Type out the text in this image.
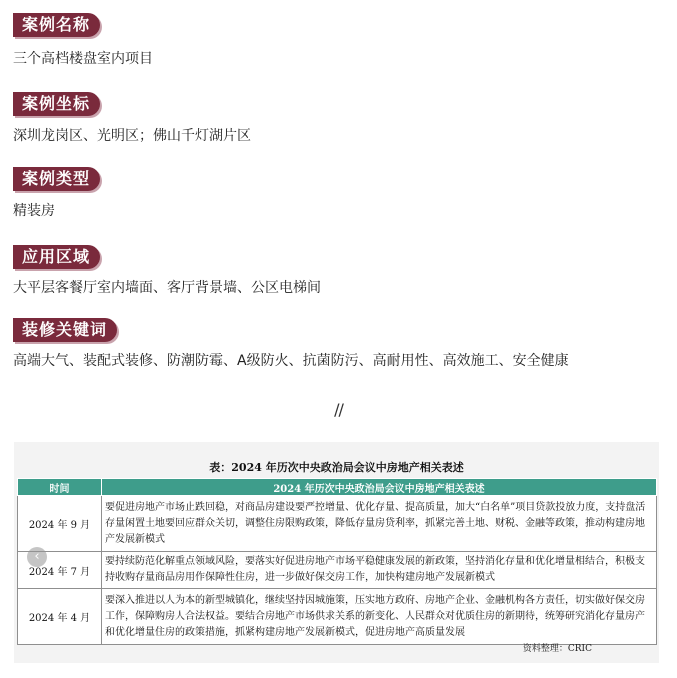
案例名称
三个高档楼盘室内项目
案例坐标
深圳龙岗区、光明区；佛山千灯湖片区
案例类型
精装房
应用区域
大平层客餐厅室内墙面、客厅背景墙、公区电梯间
装修关键词
高端大气、装配式装修、防潮防霉、A级防火、抗菌防污、高耐用性、高效施工、安全健康
//
表：2024 年历次中央政治局会议中房地产相关表述
时间	2024 年历次中央政治局会议中房地产相关表述
2024 年 9 月	要促进房地产市场止跌回稳，对商品房建设要严控增量、优化存量、提高质量，加大“白名单”项目贷款投放力度，支持盘活存量闲置土地要回应群众关切，调整住房限购政策，降低存量房贷利率，抓紧完善土地、财税、金融等政策，推动构建房地产发展新模式
2024 年 7 月	要持续防范化解重点领域风险，要落实好促进房地产市场平稳健康发展的新政策，坚持消化存量和优化增量相结合，积极支持收购存量商品房用作保障性住房，进一步做好保交房工作，加快构建房地产发展新模式
2024 年 4 月	要深入推进以人为本的新型城镇化，继续坚持因城施策，压实地方政府、房地产企业、金融机构各方责任，切实做好保交房工作，保障购房人合法权益。要结合房地产市场供求关系的新变化、人民群众对优质住房的新期待，统筹研究消化存量房产和优化增量住房的政策措施，抓紧构建房地产发展新模式，促进房地产高质量发展
资料整理：CRIC
‹
